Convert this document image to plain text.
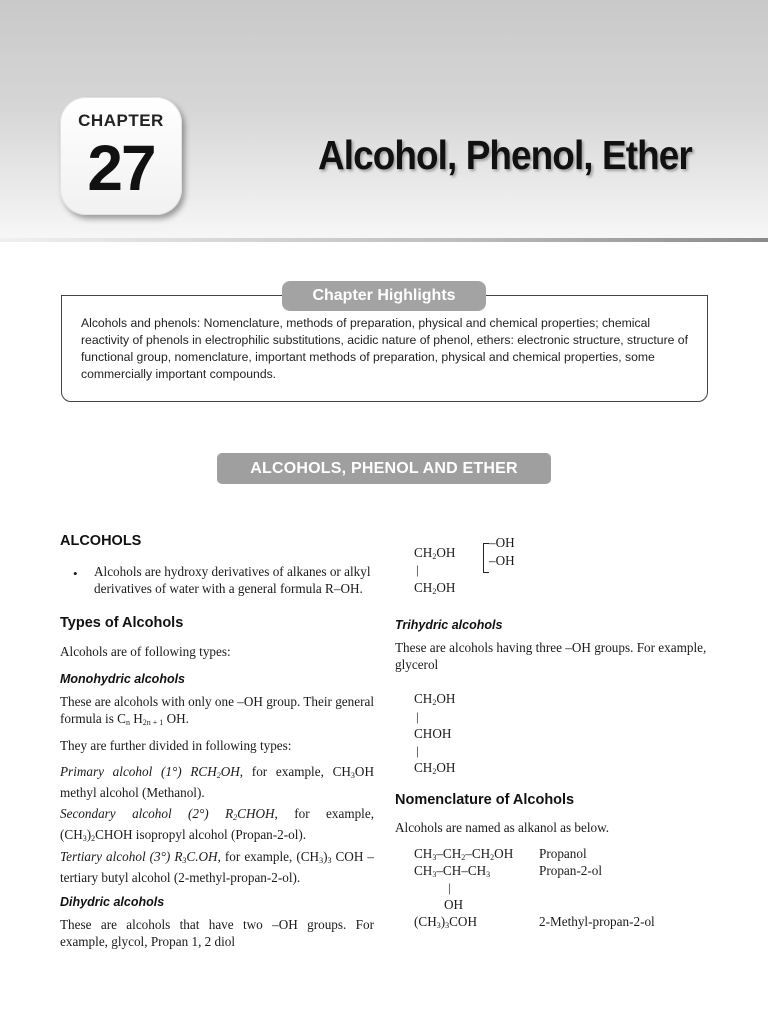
CHAPTER
27	Alcohol, Phenol, Ether
Chapter Highlights
Alcohols and phenols: Nomenclature, methods of preparation, physical and chemical properties; chemical reactivity of phenols in electrophilic substitutions, acidic nature of phenol, ethers: electronic structure, structure of functional group, nomenclature, important methods of preparation, physical and chemical properties, some commercially important compounds.
ALCOHOLS, PHENOL AND ETHER
ALCOHOLS
• Alcohols are hydroxy derivatives of alkanes or alkyl derivatives of water with a general formula R–OH.
Types of Alcohols
Alcohols are of following types:
Monohydric alcohols
These are alcohols with only one –OH group. Their general formula is $C_n$ $H_{2n + 1}$ OH.
They are further divided in following types:
Primary alcohol (1°) $RCH_2OH$, for example, $CH_3OH$ methyl alcohol (Methanol).
Secondary alcohol (2°) $R_2CHOH$, for example, $(CH_3)_2CHOH$ isopropyl alcohol (Propan-2-ol).
Tertiary alcohol (3°) $R_3C.OH$, for example, $(CH_3)_3$ COH –tertiary butyl alcohol (2-methyl-propan-2-ol).
Dihydric alcohols
These are alcohols that have two –OH groups. For example, glycol, Propan 1, 2 diol
$CH_2OH$
|
$CH_2OH$
–OH
–OH
Trihydric alcohols
These are alcohols having three –OH groups. For example, glycerol
$CH_2OH$
|
CHOH
|
$CH_2OH$
Nomenclature of Alcohols
Alcohols are named as alkanol as below.
$CH_3-CH_2-CH_2OH$ Propanol
$CH_3-CH-CH_3$	Propan-2-ol
|
OH
$(CH_3)_3COH$	2-Methyl-propan-2-ol
